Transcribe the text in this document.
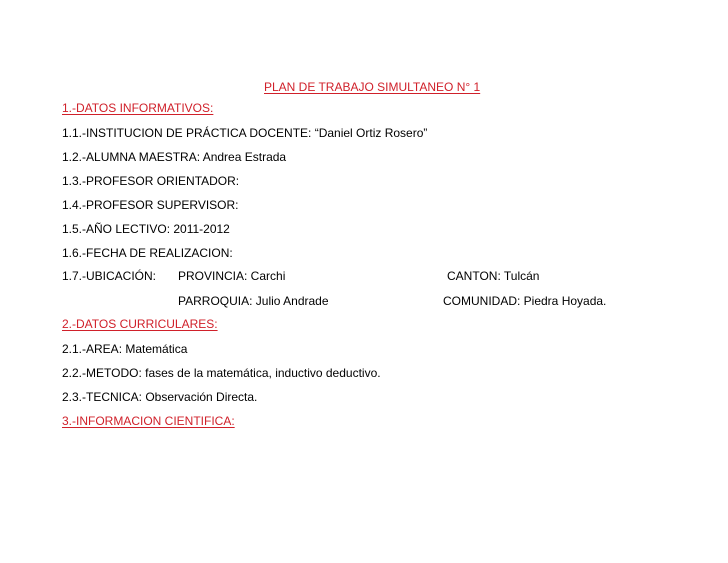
PLAN DE TRABAJO SIMULTANEO N° 1
1.-DATOS INFORMATIVOS:
1.1.-INSTITUCION DE PRÁCTICA DOCENTE: “Daniel Ortiz Rosero”
1.2.-ALUMNA MAESTRA: Andrea Estrada
1.3.-PROFESOR ORIENTADOR:
1.4.-PROFESOR SUPERVISOR:
1.5.-AÑO LECTIVO: 2011-2012
1.6.-FECHA DE REALIZACION:
1.7.-UBICACIÓN: PROVINCIA: Carchi	CANTON: Tulcán
PARROQUIA: Julio Andrade	COMUNIDAD: Piedra Hoyada.
2.-DATOS CURRICULARES:
2.1.-AREA: Matemática
2.2.-METODO: fases de la matemática, inductivo deductivo.
2.3.-TECNICA: Observación Directa.
3.-INFORMACION CIENTIFICA:
